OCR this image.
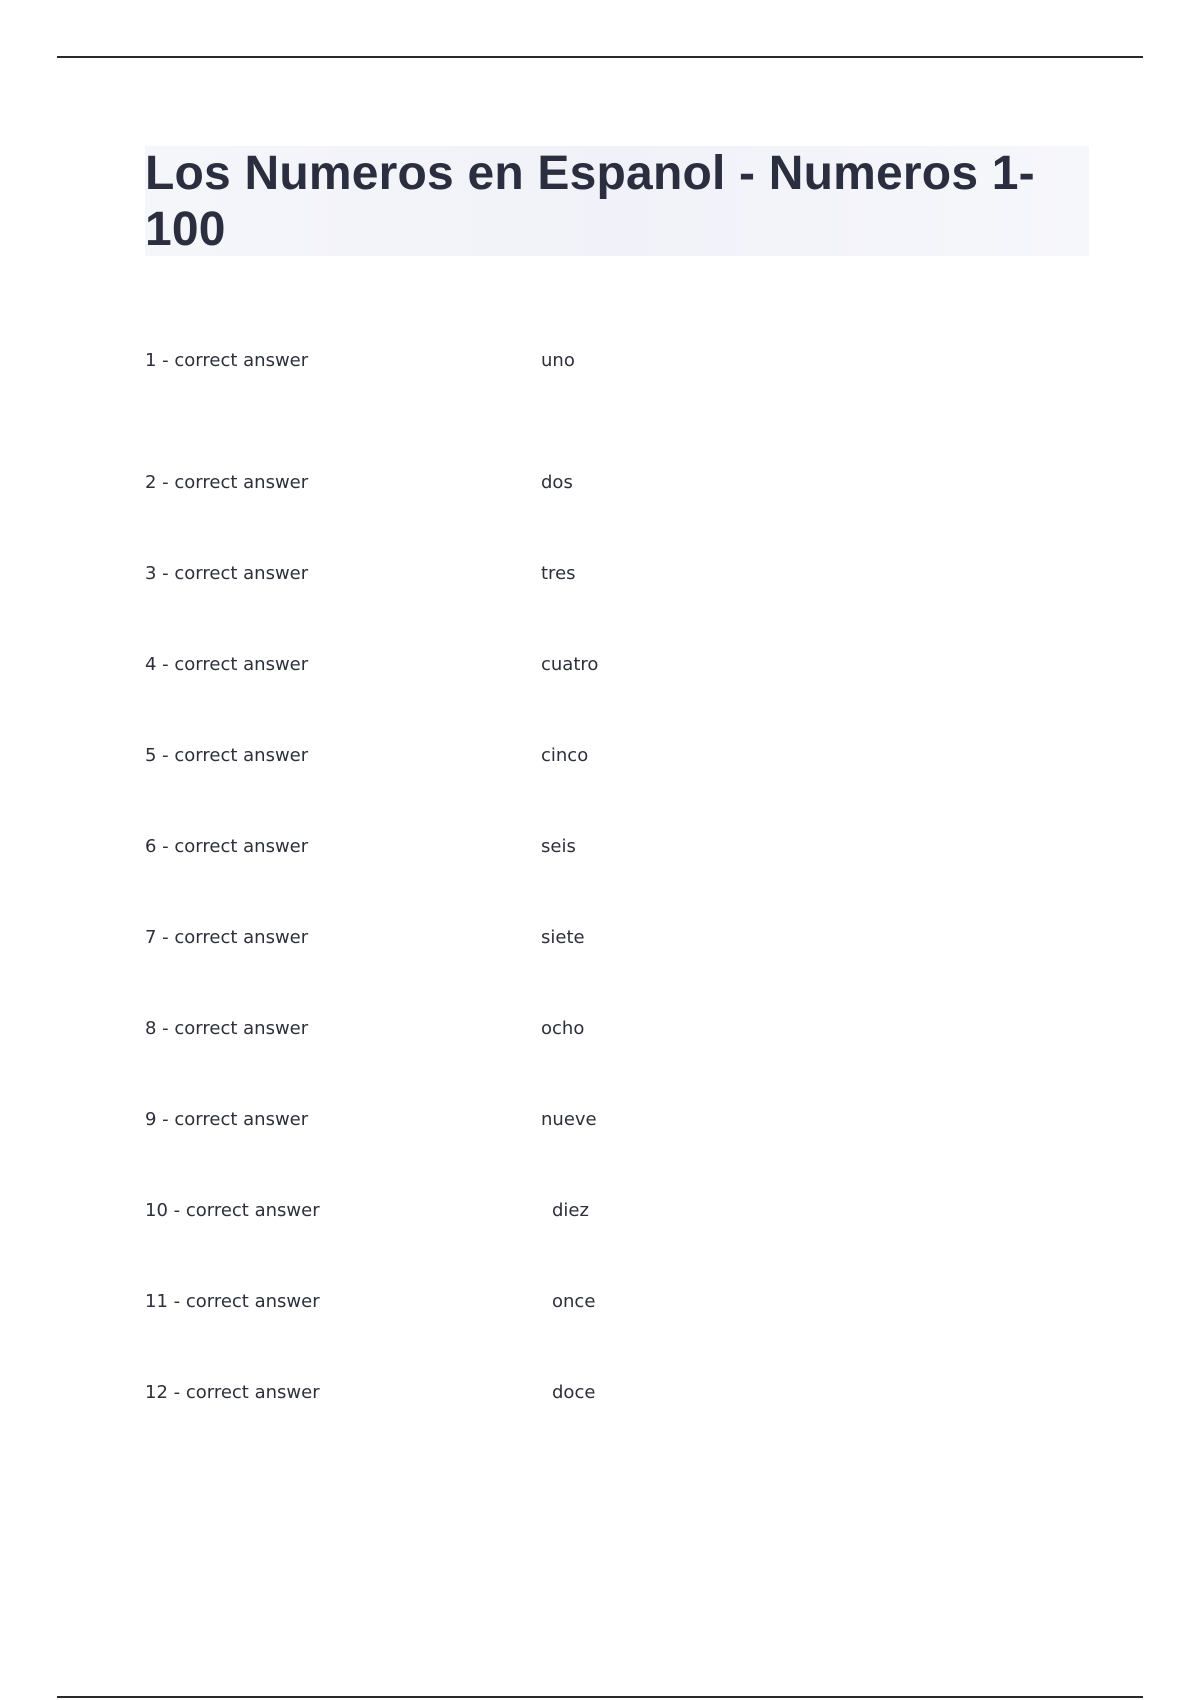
Los Numeros en Espanol - Numeros 1-100
1 - correct answer	uno
2 - correct answer	dos
3 - correct answer	tres
4 - correct answer	cuatro
5 - correct answer	cinco
6 - correct answer	seis
7 - correct answer	siete
8 - correct answer	ocho
9 - correct answer	nueve
10 - correct answer	diez
11 - correct answer	once
12 - correct answer	doce
